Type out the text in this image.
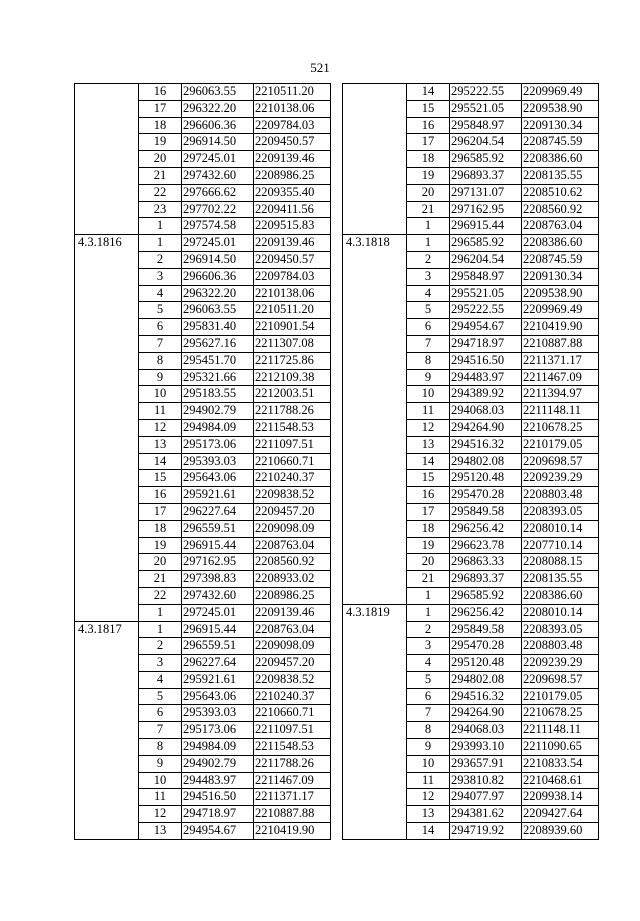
521
	16	296063.55	2210511.20
	17	296322.20	2210138.06
	18	296606.36	2209784.03
	19	296914.50	2209450.57
	20	297245.01	2209139.46
	21	297432.60	2208986.25
	22	297666.62	2209355.40
	23	297702.22	2209411.56
	1	297574.58	2209515.83
4.3.1816	1	297245.01	2209139.46
	2	296914.50	2209450.57
	3	296606.36	2209784.03
	4	296322.20	2210138.06
	5	296063.55	2210511.20
	6	295831.40	2210901.54
	7	295627.16	2211307.08
	8	295451.70	2211725.86
	9	295321.66	2212109.38
	10	295183.55	2212003.51
	11	294902.79	2211788.26
	12	294984.09	2211548.53
	13	295173.06	2211097.51
	14	295393.03	2210660.71
	15	295643.06	2210240.37
	16	295921.61	2209838.52
	17	296227.64	2209457.20
	18	296559.51	2209098.09
	19	296915.44	2208763.04
	20	297162.95	2208560.92
	21	297398.83	2208933.02
	22	297432.60	2208986.25
	1	297245.01	2209139.46
4.3.1817	1	296915.44	2208763.04
	2	296559.51	2209098.09
	3	296227.64	2209457.20
	4	295921.61	2209838.52
	5	295643.06	2210240.37
	6	295393.03	2210660.71
	7	295173.06	2211097.51
	8	294984.09	2211548.53
	9	294902.79	2211788.26
	10	294483.97	2211467.09
	11	294516.50	2211371.17
	12	294718.97	2210887.88
	13	294954.67	2210419.90
	14	295222.55	2209969.49
	15	295521.05	2209538.90
	16	295848.97	2209130.34
	17	296204.54	2208745.59
	18	296585.92	2208386.60
	19	296893.37	2208135.55
	20	297131.07	2208510.62
	21	297162.95	2208560.92
	1	296915.44	2208763.04
4.3.1818	1	296585.92	2208386.60
	2	296204.54	2208745.59
	3	295848.97	2209130.34
	4	295521.05	2209538.90
	5	295222.55	2209969.49
	6	294954.67	2210419.90
	7	294718.97	2210887.88
	8	294516.50	2211371.17
	9	294483.97	2211467.09
	10	294389.92	2211394.97
	11	294068.03	2211148.11
	12	294264.90	2210678.25
	13	294516.32	2210179.05
	14	294802.08	2209698.57
	15	295120.48	2209239.29
	16	295470.28	2208803.48
	17	295849.58	2208393.05
	18	296256.42	2208010.14
	19	296623.78	2207710.14
	20	296863.33	2208088.15
	21	296893.37	2208135.55
	1	296585.92	2208386.60
4.3.1819	1	296256.42	2208010.14
	2	295849.58	2208393.05
	3	295470.28	2208803.48
	4	295120.48	2209239.29
	5	294802.08	2209698.57
	6	294516.32	2210179.05
	7	294264.90	2210678.25
	8	294068.03	2211148.11
	9	293993.10	2211090.65
	10	293657.91	2210833.54
	11	293810.82	2210468.61
	12	294077.97	2209938.14
	13	294381.62	2209427.64
	14	294719.92	2208939.60
